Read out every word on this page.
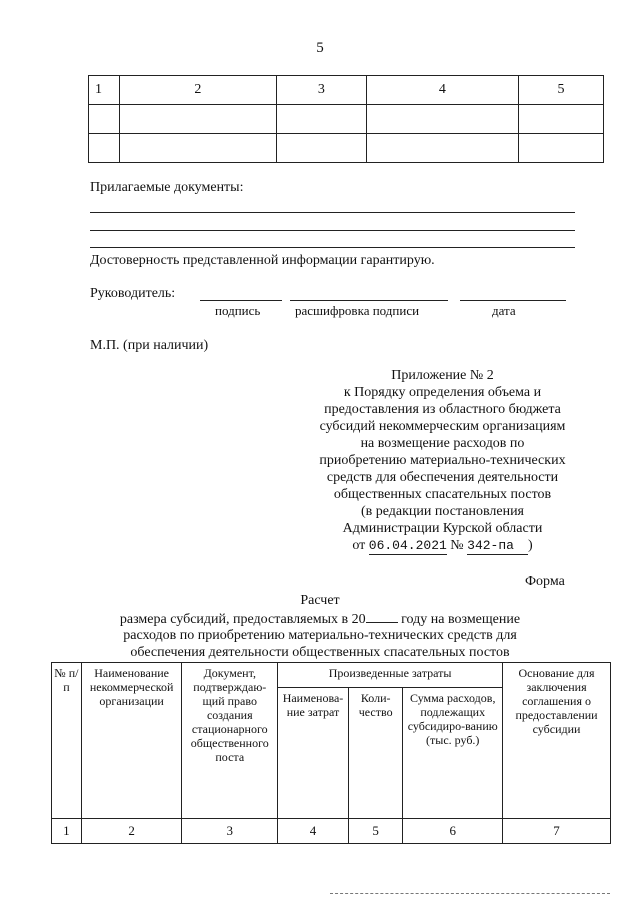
5
1	2	3	4	5

Прилагаемые документы:
Достоверность представленной информации гарантирую.
Руководитель:
подпись	расшифровка подписи	дата
М.П. (при наличии)
Приложение № 2
к Порядку определения объема и
предоставления из областного бюджета
субсидий некоммерческим организациям
на возмещение расходов по
приобретению материально-технических
средств для обеспечения деятельности
общественных спасательных постов
(в редакции постановления
Администрации Курской области
от 06.04.2021 № 342-па )
Форма
Расчет
размера субсидий, предоставляемых в 20 году на возмещение
расходов по приобретению материально-технических средств для
обеспечения деятельности общественных спасательных постов
№ п/п	Наименование некоммерческой организации	Документ, подтверждаю-щий право создания стационарного общественного поста	Произведенные затраты			Основание для заключения соглашения о предоставлении субсидии
			Наименова-ние затрат	Коли-чество	Сумма расходов, подлежащих субсидиро-ванию (тыс. руб.)	
1	2	3	4	5	6	7
